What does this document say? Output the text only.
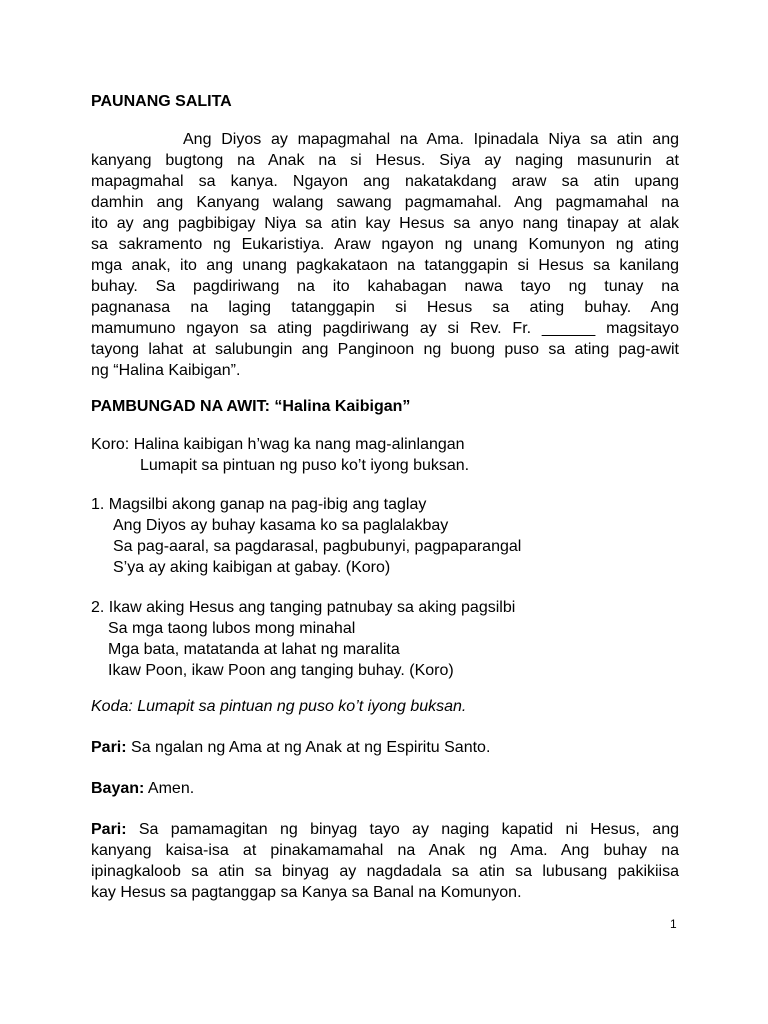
PAUNANG SALITA
Ang Diyos ay mapagmahal na Ama. Ipinadala Niya sa atin ang
kanyang bugtong na Anak na si Hesus. Siya ay naging masunurin at
mapagmahal sa kanya. Ngayon ang nakatakdang araw sa atin upang
damhin ang Kanyang walang sawang pagmamahal. Ang pagmamahal na
ito ay ang pagbibigay Niya sa atin kay Hesus sa anyo nang tinapay at alak
sa sakramento ng Eukaristiya. Araw ngayon ng unang Komunyon ng ating
mga anak, ito ang unang pagkakataon na tatanggapin si Hesus sa kanilang
buhay. Sa pagdiriwang na ito kahabagan nawa tayo ng tunay na
pagnanasa na laging tatanggapin si Hesus sa ating buhay. Ang
mamumuno ngayon sa ating pagdiriwang ay si Rev. Fr. ______ magsitayo
tayong lahat at salubungin ang Panginoon ng buong puso sa ating pag-awit
ng “Halina Kaibigan”.
PAMBUNGAD NA AWIT: “Halina Kaibigan”
Koro: Halina kaibigan h’wag ka nang mag-alinlangan
Lumapit sa pintuan ng puso ko’t iyong buksan.
1. Magsilbi akong ganap na pag-ibig ang taglay
Ang Diyos ay buhay kasama ko sa paglalakbay
Sa pag-aaral, sa pagdarasal, pagbubunyi, pagpaparangal
S’ya ay aking kaibigan at gabay. (Koro)
2. Ikaw aking Hesus ang tanging patnubay sa aking pagsilbi
Sa mga taong lubos mong minahal
Mga bata, matatanda at lahat ng maralita
Ikaw Poon, ikaw Poon ang tanging buhay. (Koro)
Koda: Lumapit sa pintuan ng puso ko’t iyong buksan.
Pari: Sa ngalan ng Ama at ng Anak at ng Espiritu Santo.
Bayan: Amen.
Pari: Sa pamamagitan ng binyag tayo ay naging kapatid ni Hesus, ang
kanyang kaisa-isa at pinakamamahal na Anak ng Ama. Ang buhay na
ipinagkaloob sa atin sa binyag ay nagdadala sa atin sa lubusang pakikiisa
kay Hesus sa pagtanggap sa Kanya sa Banal na Komunyon.
1
